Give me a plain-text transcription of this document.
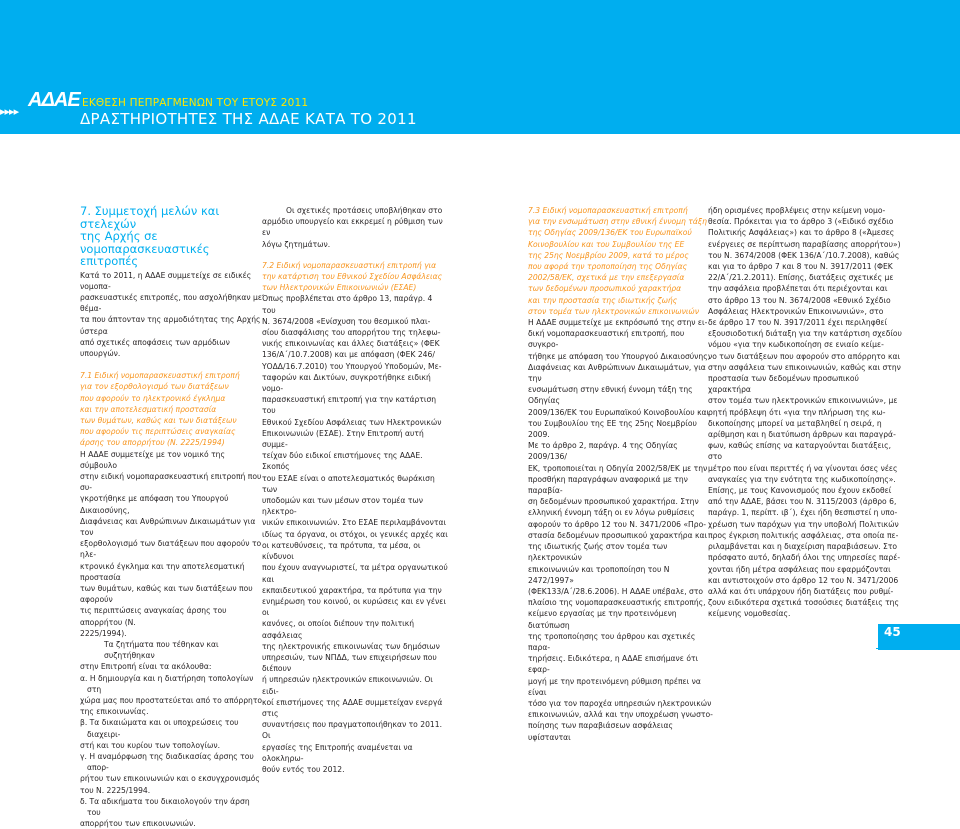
▸▸▸▸
ΑΔΑΕ ΕΚΘΕΣΗ ΠΕΠΡΑΓΜΕΝΩΝ ΤΟΥ ΕΤΟΥΣ 2011
ΔΡΑΣΤΗΡΙΟΤΗΤΕΣ ΤΗΣ ΑΔΑΕ ΚΑΤΑ ΤΟ 2011

7. Συμμετοχή μελών και στελεχών

της Αρχής σε

νομοπαρασκευαστικές επιτροπές

Κατά το 2011, η ΑΔΑΕ συμμετείχε σε ειδικές νομοπα-

ρασκευαστικές επιτροπές, που ασχολήθηκαν με θέμα-

τα που άπτονταν της αρμοδιότητας της Αρχής ύστερα

από σχετικές αποφάσεις των αρμόδιων υπουργών.

7.1 Ειδική νομοπαρασκευαστική επιτροπή

για τον εξορθολογισμό των διατάξεων

που αφορούν το ηλεκτρονικό έγκλημα

και την αποτελεσματική προστασία

των θυμάτων, καθώς και των διατάξεων

που αφορούν τις περιπτώσεις αναγκαίας

άρσης του απορρήτου (Ν. 2225/1994)

Η ΑΔΑΕ συμμετείχε με τον νομικό της σύμβουλο

στην ειδική νομοπαρασκευαστική επιτροπή που συ-

γκροτήθηκε με απόφαση του Υπουργού Δικαιοσύνης,

Διαφάνειας και Ανθρώπινων Δικαιωμάτων για τον

εξορθολογισμό των διατάξεων που αφορούν το ηλε-

κτρονικό έγκλημα και την αποτελεσματική προστασία

των θυμάτων, καθώς και των διατάξεων που αφορούν

τις περιπτώσεις αναγκαίας άρσης του απορρήτου (Ν.

2225/1994).

Τα ζητήματα που τέθηκαν και συζητήθηκαν

στην Επιτροπή είναι τα ακόλουθα:

α. Η δημιουργία και η διατήρηση τοπολογίων στη

χώρα μας που προστατεύεται από το απόρρητο

της επικοινωνίας.

β. Τα δικαιώματα και οι υποχρεώσεις του διαχειρι-

στή και του κυρίου των τοπολογίων.

γ. Η αναμόρφωση της διαδικασίας άρσης του απορ-

ρήτου των επικοινωνιών και ο εκσυγχρονισμός

του Ν. 2225/1994.

δ. Τα αδικήματα του δικαιολογούν την άρση του

απορρήτου των επικοινωνιών.

Οι σχετικές προτάσεις υποβλήθηκαν στο

αρμόδιο υπουργείο και εκκρεμεί η ρύθμιση των εν

λόγω ζητημάτων.

7.2 Ειδική νομοπαρασκευαστική επιτροπή για

την κατάρτιση του Εθνικού Σχεδίου Ασφάλειας

των Ηλεκτρονικών Επικοινωνιών (ΕΣΑΕ)

Όπως προβλέπεται στο άρθρο 13, παράγρ. 4 του

Ν. 3674/2008 «Ενίσχυση του θεσμικού πλαι-

σίου διασφάλισης του απορρήτου της τηλεφω-

νικής επικοινωνίας και άλλες διατάξεις» (ΦΕΚ

136/Α΄/10.7.2008) και με απόφαση (ΦΕΚ 246/

ΥΟΔΔ/16.7.2010) του Υπουργού Υποδομών, Με-

ταφορών και Δικτύων, συγκροτήθηκε ειδική νομο-

παρασκευαστική επιτροπή για την κατάρτιση του

Εθνικού Σχεδίου Ασφάλειας των Ηλεκτρονικών

Επικοινωνιών (ΕΣΑΕ). Στην Επιτροπή αυτή συμμε-

τείχαν δύο ειδικοί επιστήμονες της ΑΔΑΕ. Σκοπός

του ΕΣΑΕ είναι ο αποτελεσματικός θωράκιση των

υποδομών και των μέσων στον τομέα των ηλεκτρο-

νικών επικοινωνιών. Στο ΕΣΑΕ περιλαμβάνονται

ιδίως τα όργανα, οι στόχοι, οι γενικές αρχές και

οι κατευθύνσεις, τα πρότυπα, τα μέσα, οι κίνδυνοι

που έχουν αναγνωριστεί, τα μέτρα οργανωτικού και

εκπαιδευτικού χαρακτήρα, τα πρότυπα για την

ενημέρωση του κοινού, οι κυρώσεις και εν γένει οι

κανόνες, οι οποίοι διέπουν την πολιτική ασφάλειας

της ηλεκτρονικής επικοινωνίας των δημόσιων

υπηρεσιών, των ΝΠΔΔ, των επιχειρήσεων που διέπουν

ή υπηρεσιών ηλεκτρονικών επικοινωνιών. Οι ειδι-

κοί επιστήμονες της ΑΔΑΕ συμμετείχαν ενεργά στις

συναντήσεις που πραγματοποιήθηκαν το 2011. Οι

εργασίες της Επιτροπής αναμένεται να ολοκληρω-

θούν εντός του 2012.

7.3 Ειδική νομοπαρασκευαστική επιτροπή

για την ενσωμάτωση στην εθνική έννομη τάξη

της Οδηγίας 2009/136/ΕΚ του Ευρωπαϊκού

Κοινοβουλίου και του Συμβουλίου της ΕΕ

της 25ης Νοεμβρίου 2009, κατά το μέρος

που αφορά την τροποποίηση της Οδηγίας

2002/58/ΕΚ, σχετικά με την επεξεργασία

των δεδομένων προσωπικού χαρακτήρα

και την προστασία της ιδιωτικής ζωής

στον τομέα των ηλεκτρονικών επικοινωνιών

Η ΑΔΑΕ συμμετείχε με εκπρόσωπό της στην ει-

δική νομοπαρασκευαστική επιτροπή, που συγκρο-

τήθηκε με απόφαση του Υπουργού Δικαιοσύνης,

Διαφάνειας και Ανθρώπινων Δικαιωμάτων, για την

ενσωμάτωση στην εθνική έννομη τάξη της Οδηγίας

2009/136/ΕΚ του Ευρωπαϊκού Κοινοβουλίου και

του Συμβουλίου της ΕΕ της 25ης Νοεμβρίου 2009.

Με το άρθρο 2, παράγρ. 4 της Οδηγίας 2009/136/

ΕΚ, τροποποιείται η Οδηγία 2002/58/ΕΚ με την

προσθήκη παραγράφων αναφορικά με την παραβία-

ση δεδομένων προσωπικού χαρακτήρα. Στην

ελληνική έννομη τάξη οι εν λόγω ρυθμίσεις

αφορούν το άρθρο 12 του Ν. 3471/2006 «Προ-

στασία δεδομένων προσωπικού χαρακτήρα και

της ιδιωτικής ζωής στον τομέα των ηλεκτρονικών

επικοινωνιών και τροποποίηση του Ν 2472/1997»

(ΦΕΚ133/Α΄/28.6.2006). Η ΑΔΑΕ υπέβαλε, στο

πλαίσιο της νομοπαρασκευαστικής επιτροπής,

κείμενο εργασίας με την προτεινόμενη διατύπωση

της τροποποίησης του άρθρου και σχετικές παρα-

τηρήσεις. Ειδικότερα, η ΑΔΑΕ επισήμανε ότι εφαρ-

μογή με την προτεινόμενη ρύθμιση πρέπει να είναι

τόσο για τον παροχέα υπηρεσιών ηλεκτρονικών

επικοινωνιών, αλλά και την υποχρέωση γνωστο-

ποίησης των παραβιάσεων ασφάλειας υφίστανται

ήδη ορισμένες προβλέψεις στην κείμενη νομο-

θεσία. Πρόκειται για το άρθρο 3 («Ειδικό σχέδιο

Πολιτικής Ασφάλειας») και το άρθρο 8 («Άμεσες

ενέργειες σε περίπτωση παραβίασης απορρήτου»)

του Ν. 3674/2008 (ΦΕΚ 136/Α΄/10.7.2008), καθώς

και για το άρθρο 7 και 8 του Ν. 3917/2011 (ΦΕΚ

22/Α΄/21.2.2011). Επίσης, διατάξεις σχετικές με

την ασφάλεια προβλέπεται ότι περιέχονται και

στο άρθρο 13 του Ν. 3674/2008 «Εθνικό Σχέδιο

Ασφάλειας Ηλεκτρονικών Επικοινωνιών», στο

δε άρθρο 17 του Ν. 3917/2011 έχει περιληφθεί

εξουσιοδοτική διάταξη για την κατάρτιση σχεδίου

νόμου «για την κωδικοποίηση σε ενιαίο κείμε-

νο των διατάξεων που αφορούν στο απόρρητο και

στην ασφάλεια των επικοινωνιών, καθώς και στην

προστασία των δεδομένων προσωπικού χαρακτήρα

στον τομέα των ηλεκτρονικών επικοινωνιών», με

ρητή πρόβλεψη ότι «για την πλήρωση της κω-

δικοποίησης μπορεί να μεταβληθεί η σειρά, η

αρίθμηση και η διατύπωση άρθρων και παραγρά-

φων, καθώς επίσης να καταργούνται διατάξεις, στο

μέτρο που είναι περιττές ή να γίνονται όσες νέες

αναγκαίες για την ενότητα της κωδικοποίησης».

Επίσης, με τους Κανονισμούς που έχουν εκδοθεί

από την ΑΔΑΕ, βάσει του Ν. 3115/2003 (άρθρο 6,

παράγρ. 1, περίπτ. ιβ΄), έχει ήδη θεσπιστεί η υπο-

χρέωση των παρόχων για την υποβολή Πολιτικών

προς έγκριση πολιτικής ασφάλειας, στα οποία πε-

ριλαμβάνεται και η διαχείριση παραβιάσεων. Στο

πρόσφατο αυτό, δηλαδή όλοι της υπηρεσίες παρέ-

χονται ήδη μέτρα ασφάλειας που εφαρμόζονται

και αντιστοιχούν στο άρθρο 12 του Ν. 3471/2006

αλλά και ότι υπάρχουν ήδη διατάξεις που ρυθμί-

ζουν ειδικότερα σχετικά τοσούσιες διατάξεις της

κείμενης νομοθεσίας.

45
